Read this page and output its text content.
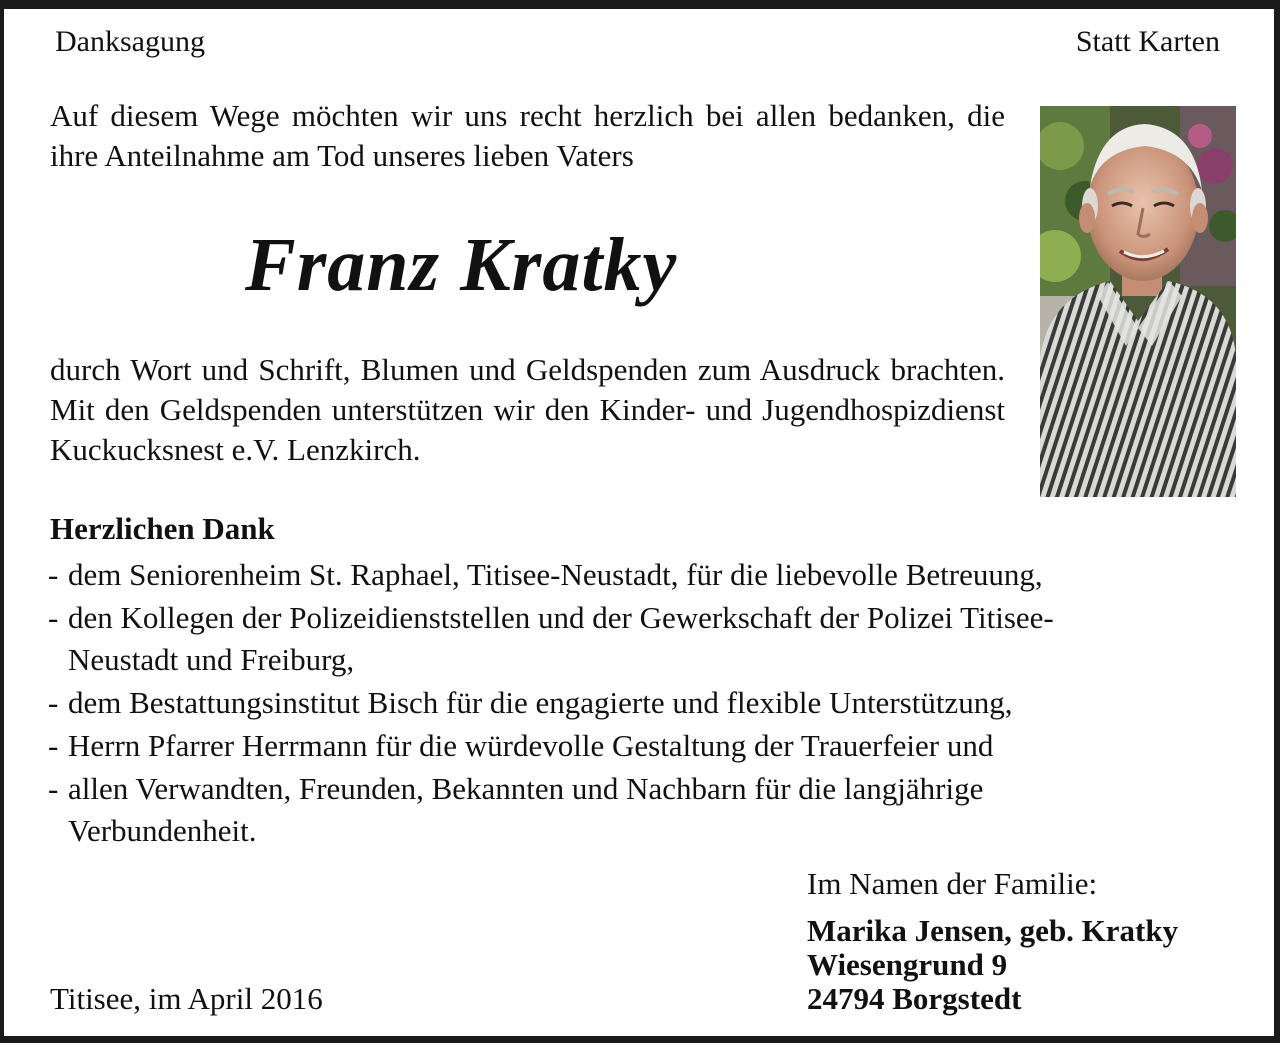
Danksagung	Statt Karten

Auf diesem Wege möchten wir uns recht herzlich bei allen bedanken, die ihre Anteilnahme am Tod unseres lieben Vaters

Franz Kratky

durch Wort und Schrift, Blumen und Geldspenden zum Ausdruck brachten. Mit den Geldspenden unterstützen wir den Kinder- und Jugendhospizdienst Kuckucksnest e.V. Lenzkirch.

Herzlichen Dank

- dem Seniorenheim St. Raphael, Titisee-Neustadt, für die liebevolle Betreuung,
- den Kollegen der Polizeidienststellen und der Gewerkschaft der Polizei Titisee-Neustadt und Freiburg,
- dem Bestattungsinstitut Bisch für die engagierte und flexible Unterstützung,
- Herrn Pfarrer Herrmann für die würdevolle Gestaltung der Trauerfeier und
- allen Verwandten, Freunden, Bekannten und Nachbarn für die langjährige Verbundenheit.

Im Namen der Familie:

Marika Jensen, geb. Kratky

Wiesengrund 9

24794 Borgstedt

Titisee, im April 2016
